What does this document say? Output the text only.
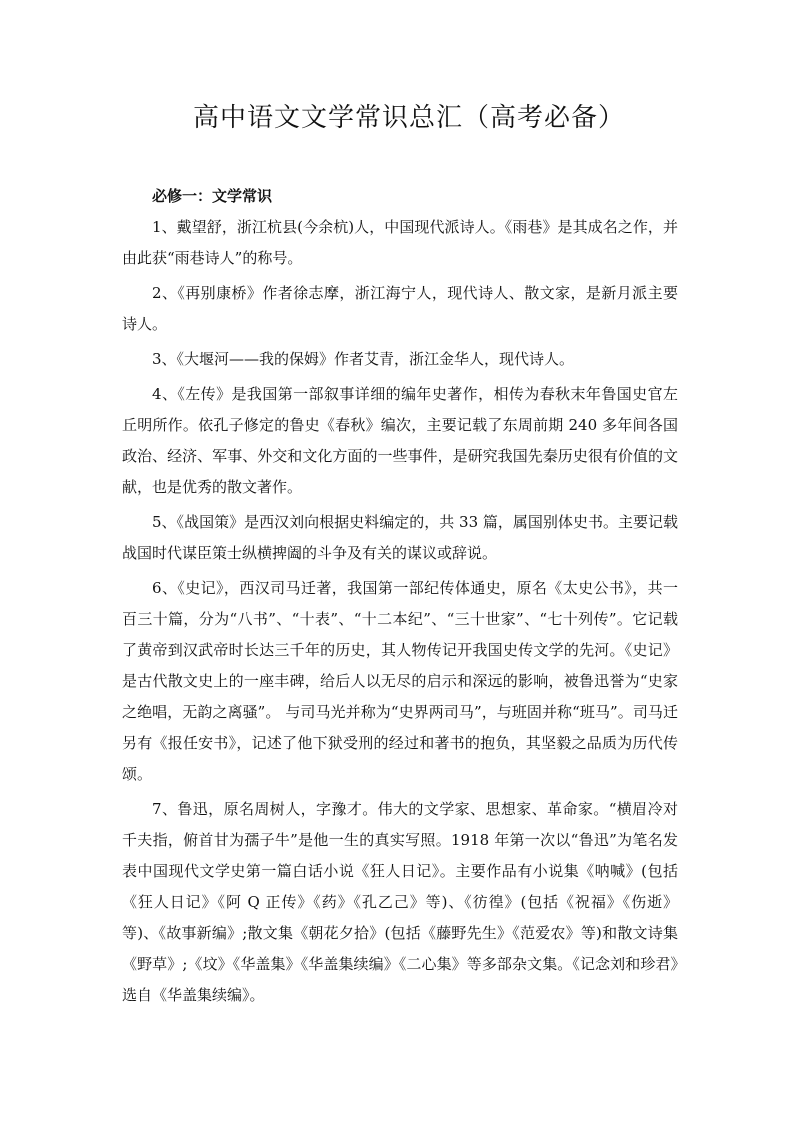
高中语文文学常识总汇（高考必备）
必修一：文学常识

1、戴望舒，浙江杭县(今余杭)人，中国现代派诗人。《雨巷》是其成名之作，并由此获“雨巷诗人”的称号。

2、《再别康桥》作者徐志摩，浙江海宁人，现代诗人、散文家，是新月派主要诗人。

3、《大堰河——我的保姆》作者艾青，浙江金华人，现代诗人。

4、《左传》是我国第一部叙事详细的编年史著作，相传为春秋末年鲁国史官左丘明所作。依孔子修定的鲁史《春秋》编次，主要记载了东周前期 240 多年间各国政治、经济、军事、外交和文化方面的一些事件，是研究我国先秦历史很有价值的文献，也是优秀的散文著作。

5、《战国策》是西汉刘向根据史料编定的，共 33 篇，属国别体史书。主要记载战国时代谋臣策士纵横捭阖的斗争及有关的谋议或辞说。

6、《史记》，西汉司马迁著，我国第一部纪传体通史，原名《太史公书》，共一百三十篇，分为“八书”、“十表”、“十二本纪”、“三十世家”、“七十列传”。它记载了黄帝到汉武帝时长达三千年的历史，其人物传记开我国史传文学的先河。《史记》是古代散文史上的一座丰碑，给后人以无尽的启示和深远的影响，被鲁迅誉为“史家之绝唱，无韵之离骚”。 与司马光并称为“史界两司马”，与班固并称“班马”。司马迁另有《报任安书》，记述了他下狱受刑的经过和著书的抱负，其坚毅之品质为历代传颂。

7、鲁迅，原名周树人，字豫才。伟大的文学家、思想家、革命家。“横眉冷对千夫指，俯首甘为孺子牛”是他一生的真实写照。1918 年第一次以“鲁迅”为笔名发表中国现代文学史第一篇白话小说《狂人日记》。主要作品有小说集《呐喊》(包括《狂人日记》《阿 Q 正传》《药》《孔乙己》等)、《彷徨》(包括《祝福》《伤逝》等)、《故事新编》;散文集《朝花夕拾》(包括《藤野先生》《范爱农》等)和散文诗集《野草》;《坟》《华盖集》《华盖集续编》《二心集》等多部杂文集。《记念刘和珍君》选自《华盖集续编》。
